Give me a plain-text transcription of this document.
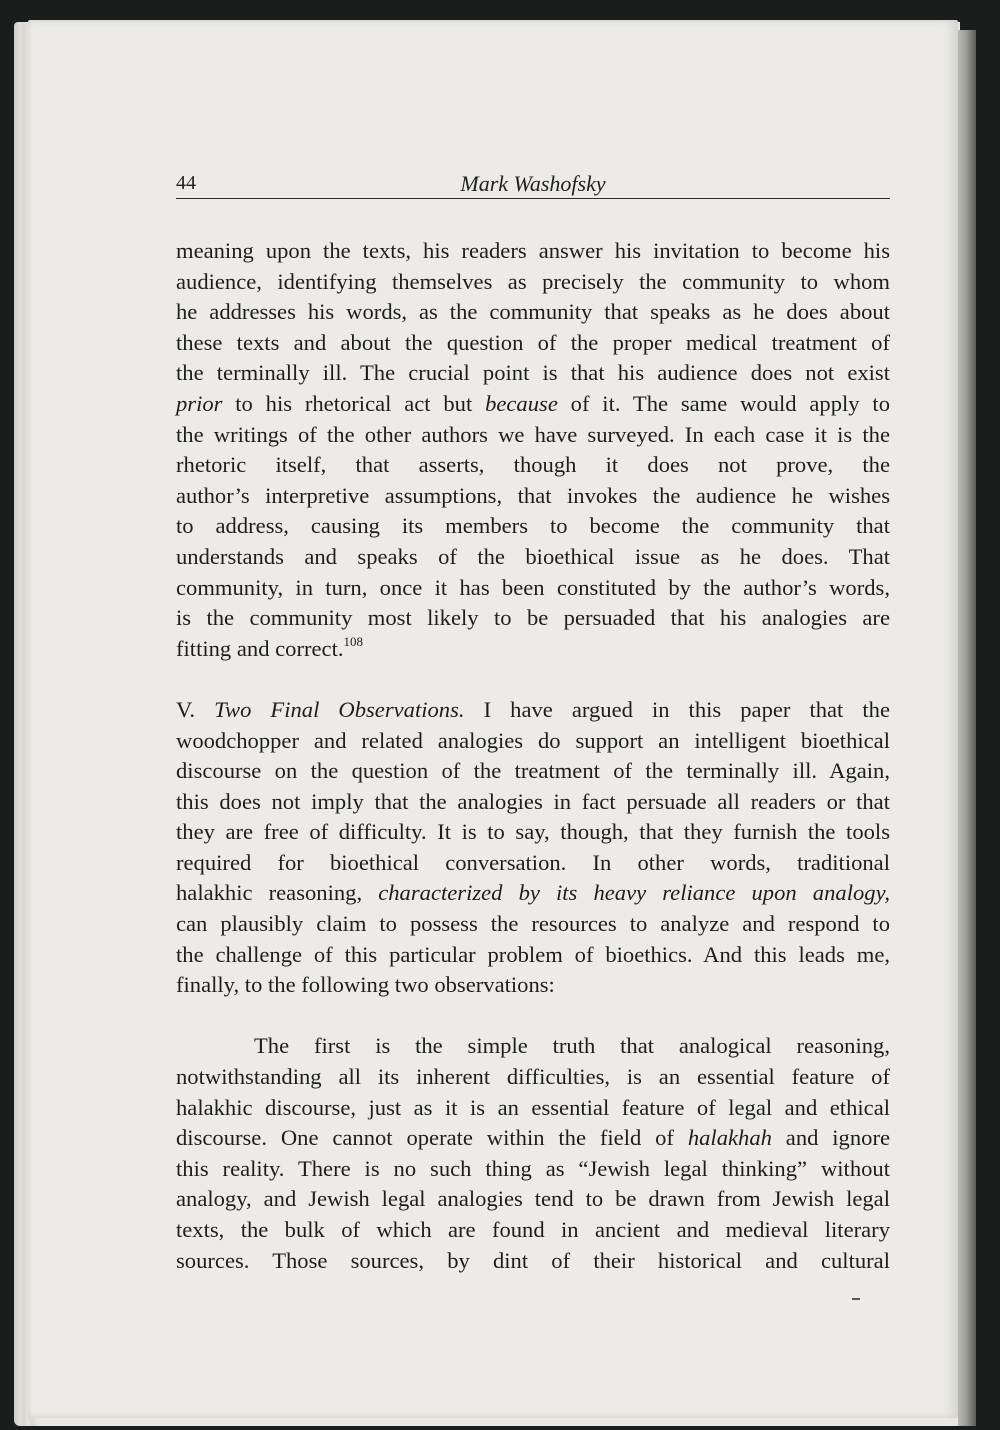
44	Mark Washofsky

meaning upon the texts, his readers answer his invitation to become his
audience, identifying themselves as precisely the community to whom
he addresses his words, as the community that speaks as he does about
these texts and about the question of the proper medical treatment of
the terminally ill. The crucial point is that his audience does not exist
prior to his rhetorical act but because of it. The same would apply to
the writings of the other authors we have surveyed. In each case it is the
rhetoric itself, that asserts, though it does not prove, the
author’s interpretive assumptions, that invokes the audience he wishes
to address, causing its members to become the community that
understands and speaks of the bioethical issue as he does. That
community, in turn, once it has been constituted by the author’s words,
is the community most likely to be persuaded that his analogies are
fitting and correct.$^{108}$

V. Two Final Observations. I have argued in this paper that the
woodchopper and related analogies do support an intelligent bioethical
discourse on the question of the treatment of the terminally ill. Again,
this does not imply that the analogies in fact persuade all readers or that
they are free of difficulty. It is to say, though, that they furnish the tools
required for bioethical conversation. In other words, traditional
halakhic reasoning, characterized by its heavy reliance upon analogy,
can plausibly claim to possess the resources to analyze and respond to
the challenge of this particular problem of bioethics. And this leads me,
finally, to the following two observations:

The first is the simple truth that analogical reasoning,
notwithstanding all its inherent difficulties, is an essential feature of
halakhic discourse, just as it is an essential feature of legal and ethical
discourse. One cannot operate within the field of halakhah and ignore
this reality. There is no such thing as “Jewish legal thinking” without
analogy, and Jewish legal analogies tend to be drawn from Jewish legal
texts, the bulk of which are found in ancient and medieval literary
sources. Those sources, by dint of their historical and cultural
